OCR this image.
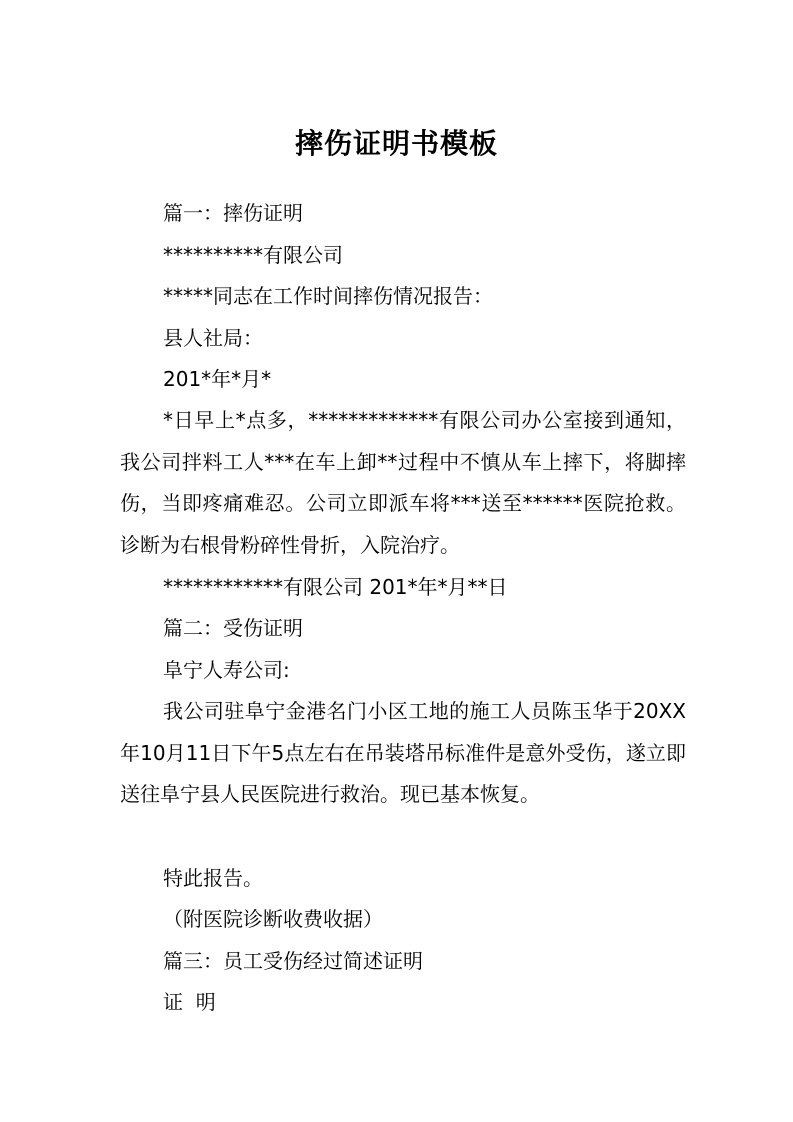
摔伤证明书模板
篇一：摔伤证明
**********有限公司
*****同志在工作时间摔伤情况报告：
县人社局：
201*年*月*
*日早上*点多，*************有限公司办公室接到通知，我公司拌料工人***在车上卸**过程中不慎从车上摔下，将脚摔伤，当即疼痛难忍。公司立即派车将***送至******医院抢救。诊断为右根骨粉碎性骨折，入院治疗。
************有限公司 201*年*月**日
篇二：受伤证明
阜宁人寿公司:
我公司驻阜宁金港名门小区工地的施工人员陈玉华于20XX年10月11日下午5点左右在吊装塔吊标准件是意外受伤，遂立即送往阜宁县人民医院进行救治。现已基本恢复。
特此报告。
（附医院诊断收费收据）
篇三：员工受伤经过简述证明
证  明
